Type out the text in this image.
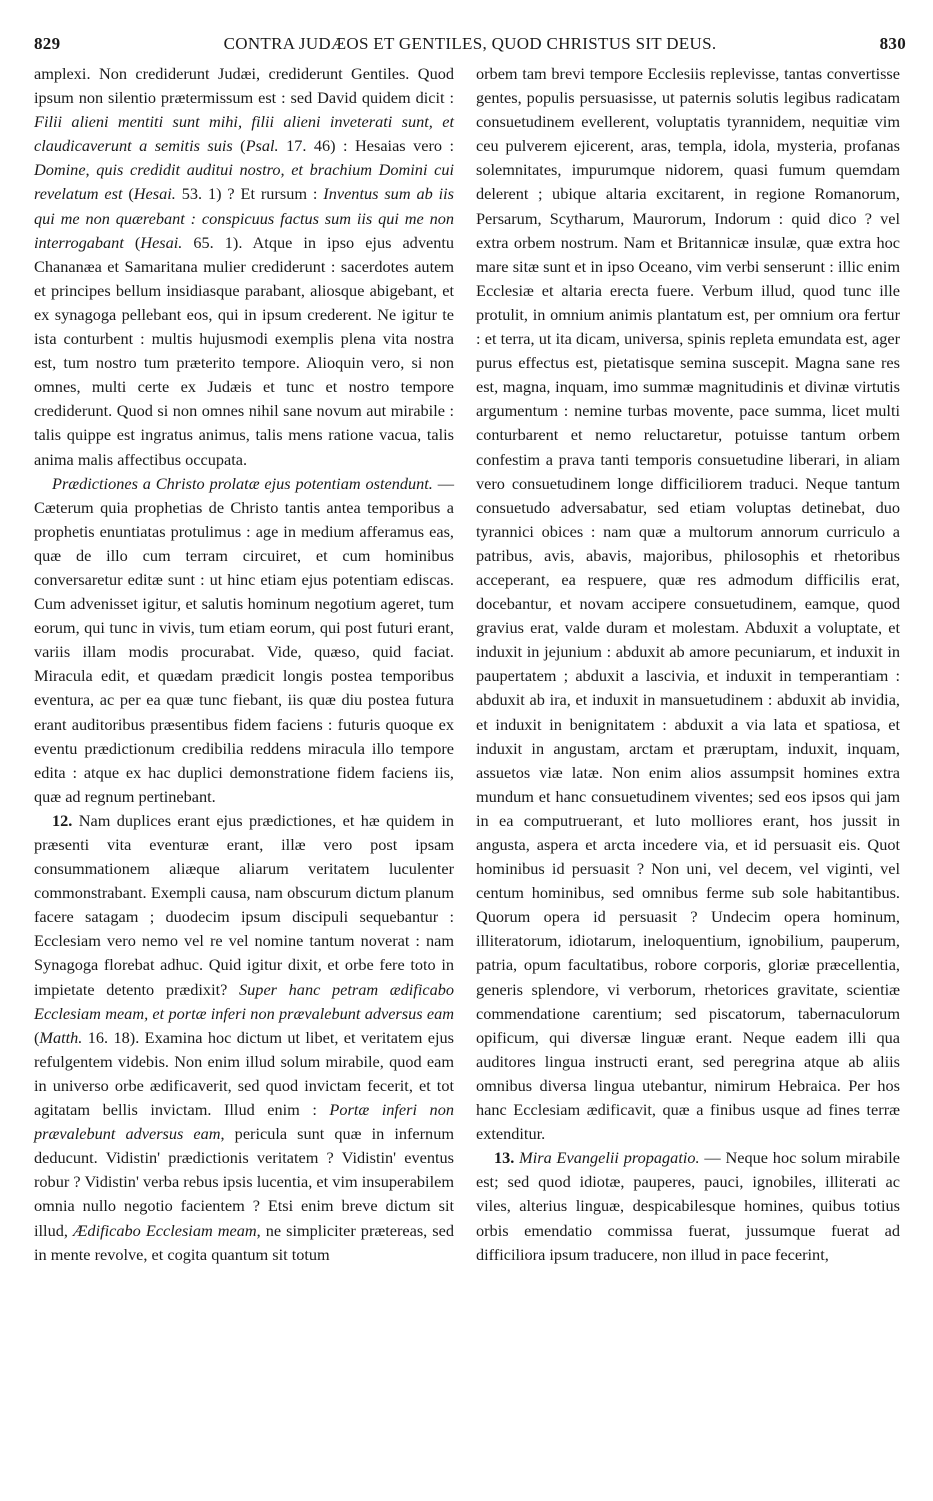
829	CONTRA JUDÆOS ET GENTILES, QUOD CHRISTUS SIT DEUS.	830

amplexi. Non crediderunt Judæi, crediderunt Gentiles. Quod ipsum non silentio prætermissum est : sed David quidem dicit : Filii alieni mentiti sunt mihi, filii alieni inveterati sunt, et claudicaverunt a semitis suis (Psal. 17. 46) : Hesaias vero : Domine, quis credidit auditui nostro, et brachium Domini cui revelatum est (Hesai. 53. 1) ? Et rursum : Inventus sum ab iis qui me non quærebant : conspicuus factus sum iis qui me non interrogabant (Hesai. 65. 1). Atque in ipso ejus adventu Chananæa et Samaritana mulier crediderunt : sacerdotes autem et principes bellum insidiasque parabant, aliosque abigebant, et ex synagoga pellebant eos, qui in ipsum crederent. Ne igitur te ista conturbent : multis hujusmodi exemplis plena vita nostra est, tum nostro tum præterito tempore. Alioquin vero, si non omnes, multi certe ex Judæis et tunc et nostro tempore crediderunt. Quod si non omnes nihil sane novum aut mirabile : talis quippe est ingratus animus, talis mens ratione vacua, talis anima malis affectibus occupata.

Prædictiones a Christo prolatæ ejus potentiam ostendunt. — Cæterum quia prophetias de Christo tantis antea temporibus a prophetis enuntiatas protulimus : age in medium afferamus eas, quæ de illo cum terram circuiret, et cum hominibus conversaretur editæ sunt : ut hinc etiam ejus potentiam ediscas. Cum advenisset igitur, et salutis hominum negotium ageret, tum eorum, qui tunc in vivis, tum etiam eorum, qui post futuri erant, variis illam modis procurabat. Vide, quæso, quid faciat. Miracula edit, et quædam prædicit longis postea temporibus eventura, ac per ea quæ tunc fiebant, iis quæ diu postea futura erant auditoribus præsentibus fidem faciens : futuris quoque ex eventu prædictionum credibilia reddens miracula illo tempore edita : atque ex hac duplici demonstratione fidem faciens iis, quæ ad regnum pertinebant.

12. Nam duplices erant ejus prædictiones, et hæ quidem in præsenti vita eventuræ erant, illæ vero post ipsam consummationem aliæque aliarum veritatem luculenter commonstrabant. Exempli causa, nam obscurum dictum planum facere satagam ; duodecim ipsum discipuli sequebantur : Ecclesiam vero nemo vel re vel nomine tantum noverat : nam Synagoga florebat adhuc. Quid igitur dixit, et orbe fere toto in impietate detento prædixit? Super hanc petram ædificabo Ecclesiam meam, et portæ inferi non prævalebunt adversus eam (Matth. 16. 18). Examina hoc dictum ut libet, et veritatem ejus refulgentem videbis. Non enim illud solum mirabile, quod eam in universo orbe ædificaverit, sed quod invictam fecerit, et tot agitatam bellis invictam. Illud enim : Portæ inferi non prævalebunt adversus eam, pericula sunt quæ in infernum deducunt. Vidistin' prædictionis veritatem ? Vidistin' eventus robur ? Vidistin' verba rebus ipsis lucentia, et vim insuperabilem omnia nullo negotio facientem ? Etsi enim breve dictum sit illud, Ædificabo Ecclesiam meam, ne simpliciter prætereas, sed in mente revolve, et cogita quantum sit totum

orbem tam brevi tempore Ecclesiis replevisse, tantas convertisse gentes, populis persuasisse, ut paternis solutis legibus radicatam consuetudinem evellerent, voluptatis tyrannidem, nequitiæ vim ceu pulverem ejicerent, aras, templa, idola, mysteria, profanas solemnitates, impurumque nidorem, quasi fumum quemdam delerent ; ubique altaria excitarent, in regione Romanorum, Persarum, Scytharum, Maurorum, Indorum : quid dico ? vel extra orbem nostrum. Nam et Britannicæ insulæ, quæ extra hoc mare sitæ sunt et in ipso Oceano, vim verbi senserunt : illic enim Ecclesiæ et altaria erecta fuere. Verbum illud, quod tunc ille protulit, in omnium animis plantatum est, per omnium ora fertur : et terra, ut ita dicam, universa, spinis repleta emundata est, ager purus effectus est, pietatisque semina suscepit. Magna sane res est, magna, inquam, imo summæ magnitudinis et divinæ virtutis argumentum : nemine turbas movente, pace summa, licet multi conturbarent et nemo reluctaretur, potuisse tantum orbem confestim a prava tanti temporis consuetudine liberari, in aliam vero consuetudinem longe difficiliorem traduci. Neque tantum consuetudo adversabatur, sed etiam voluptas detinebat, duo tyrannici obices : nam quæ a multorum annorum curriculo a patribus, avis, abavis, majoribus, philosophis et rhetoribus acceperant, ea respuere, quæ res admodum difficilis erat, docebantur, et novam accipere consuetudinem, eamque, quod gravius erat, valde duram et molestam. Abduxit a voluptate, et induxit in jejunium : abduxit ab amore pecuniarum, et induxit in paupertatem ; abduxit a lascivia, et induxit in temperantiam : abduxit ab ira, et induxit in mansuetudinem : abduxit ab invidia, et induxit in benignitatem : abduxit a via lata et spatiosa, et induxit in angustam, arctam et præruptam, induxit, inquam, assuetos viæ latæ. Non enim alios assumpsit homines extra mundum et hanc consuetudinem viventes; sed eos ipsos qui jam in ea computruerant, et luto molliores erant, hos jussit in angusta, aspera et arcta incedere via, et id persuasit eis. Quot hominibus id persuasit ? Non uni, vel decem, vel viginti, vel centum hominibus, sed omnibus ferme sub sole habitantibus. Quorum opera id persuasit ? Undecim opera hominum, illiteratorum, idiotarum, ineloquentium, ignobilium, pauperum, patria, opum facultatibus, robore corporis, gloriæ præcellentia, generis splendore, vi verborum, rhetorices gravitate, scientiæ commendatione carentium; sed piscatorum, tabernaculorum opificum, qui diversæ linguæ erant. Neque eadem illi qua auditores lingua instructi erant, sed peregrina atque ab aliis omnibus diversa lingua utebantur, nimirum Hebraica. Per hos hanc Ecclesiam ædificavit, quæ a finibus usque ad fines terræ extenditur.

13. Mira Evangelii propagatio. — Neque hoc solum mirabile est; sed quod idiotæ, pauperes, pauci, ignobiles, illiterati ac viles, alterius linguæ, despicabilesque homines, quibus totius orbis emendatio commissa fuerat, jussumque fuerat ad difficiliora ipsum traducere, non illud in pace fecerint,
